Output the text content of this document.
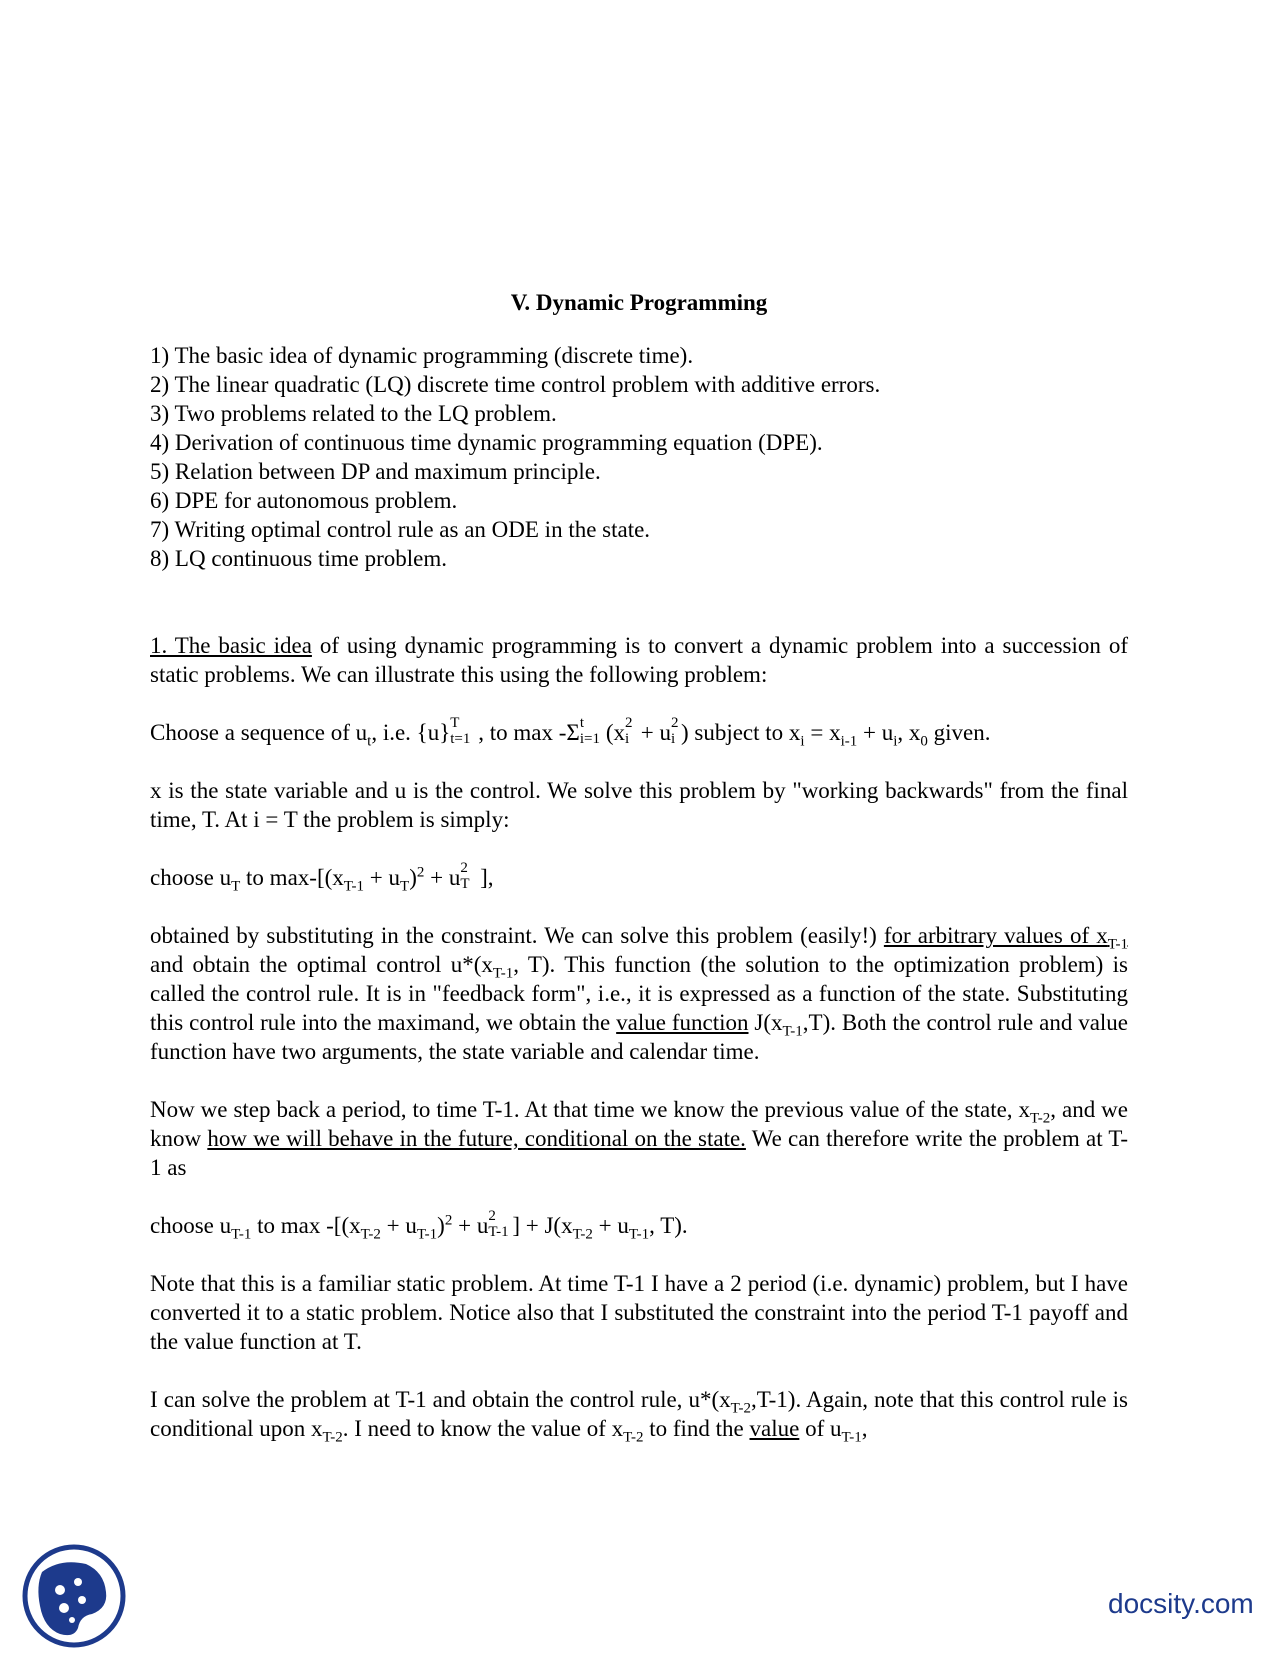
V. Dynamic Programming
1) The basic idea of dynamic programming (discrete time).
2) The linear quadratic (LQ) discrete time control problem with additive errors.
3) Two problems related to the LQ problem.
4) Derivation of continuous time dynamic programming equation (DPE).
5) Relation between DP and maximum principle.
6) DPE for autonomous problem.
7) Writing optimal control rule as an ODE in the state.
8) LQ continuous time problem.

1. The basic idea of using dynamic programming is to convert a dynamic problem into a succession of static problems. We can illustrate this using the following problem:

Choose a sequence of $u_t$, i.e. {u} T
t=1 , to max -Σ t
i=1 (x 2
i + u 2
i ) subject to $x_i = x_{i-1} + u_i$, $x_0$ given.

x is the state variable and u is the control. We solve this problem by "working backwards" from the final time, T. At i = T the problem is simply:

choose $u_T$ to $\max-[(x_{T-1} + u_T)^2 + u$ 2
T ],

obtained by substituting in the constraint. We can solve this problem (easily!) for arbitrary values of $x_{T-1}$ and obtain the optimal control $u*(x_{T-1}$, T). This function (the solution to the optimization problem) is called the control rule. It is in "feedback form", i.e., it is expressed as a function of the state. Substituting this control rule into the maximand, we obtain the value function $J(x_{T-1},T)$. Both the control rule and value function have two arguments, the state variable and calendar time.

Now we step back a period, to time T-1. At that time we know the previous value of the state, $x_{T-2}$, and we know how we will behave in the future, conditional on the state. We can therefore write the problem at T-1 as

choose $u_{T-1}$ to $\max -[(x_{T-2} + u_{T-1})^2 + u$ 2
T-1 ] + $J(x_{T-2} + u_{T-1}$, T).

Note that this is a familiar static problem. At time T-1 I have a 2 period (i.e. dynamic) problem, but I have converted it to a static problem. Notice also that I substituted the constraint into the period T-1 payoff and the value function at T.

I can solve the problem at T-1 and obtain the control rule, $u*(x_{T-2},T-1)$. Again, note that this control rule is conditional upon $x_{T-2}$. I need to know the value of $x_{T-2}$ to find the value of $u_{T-1}$,

docsity.com
